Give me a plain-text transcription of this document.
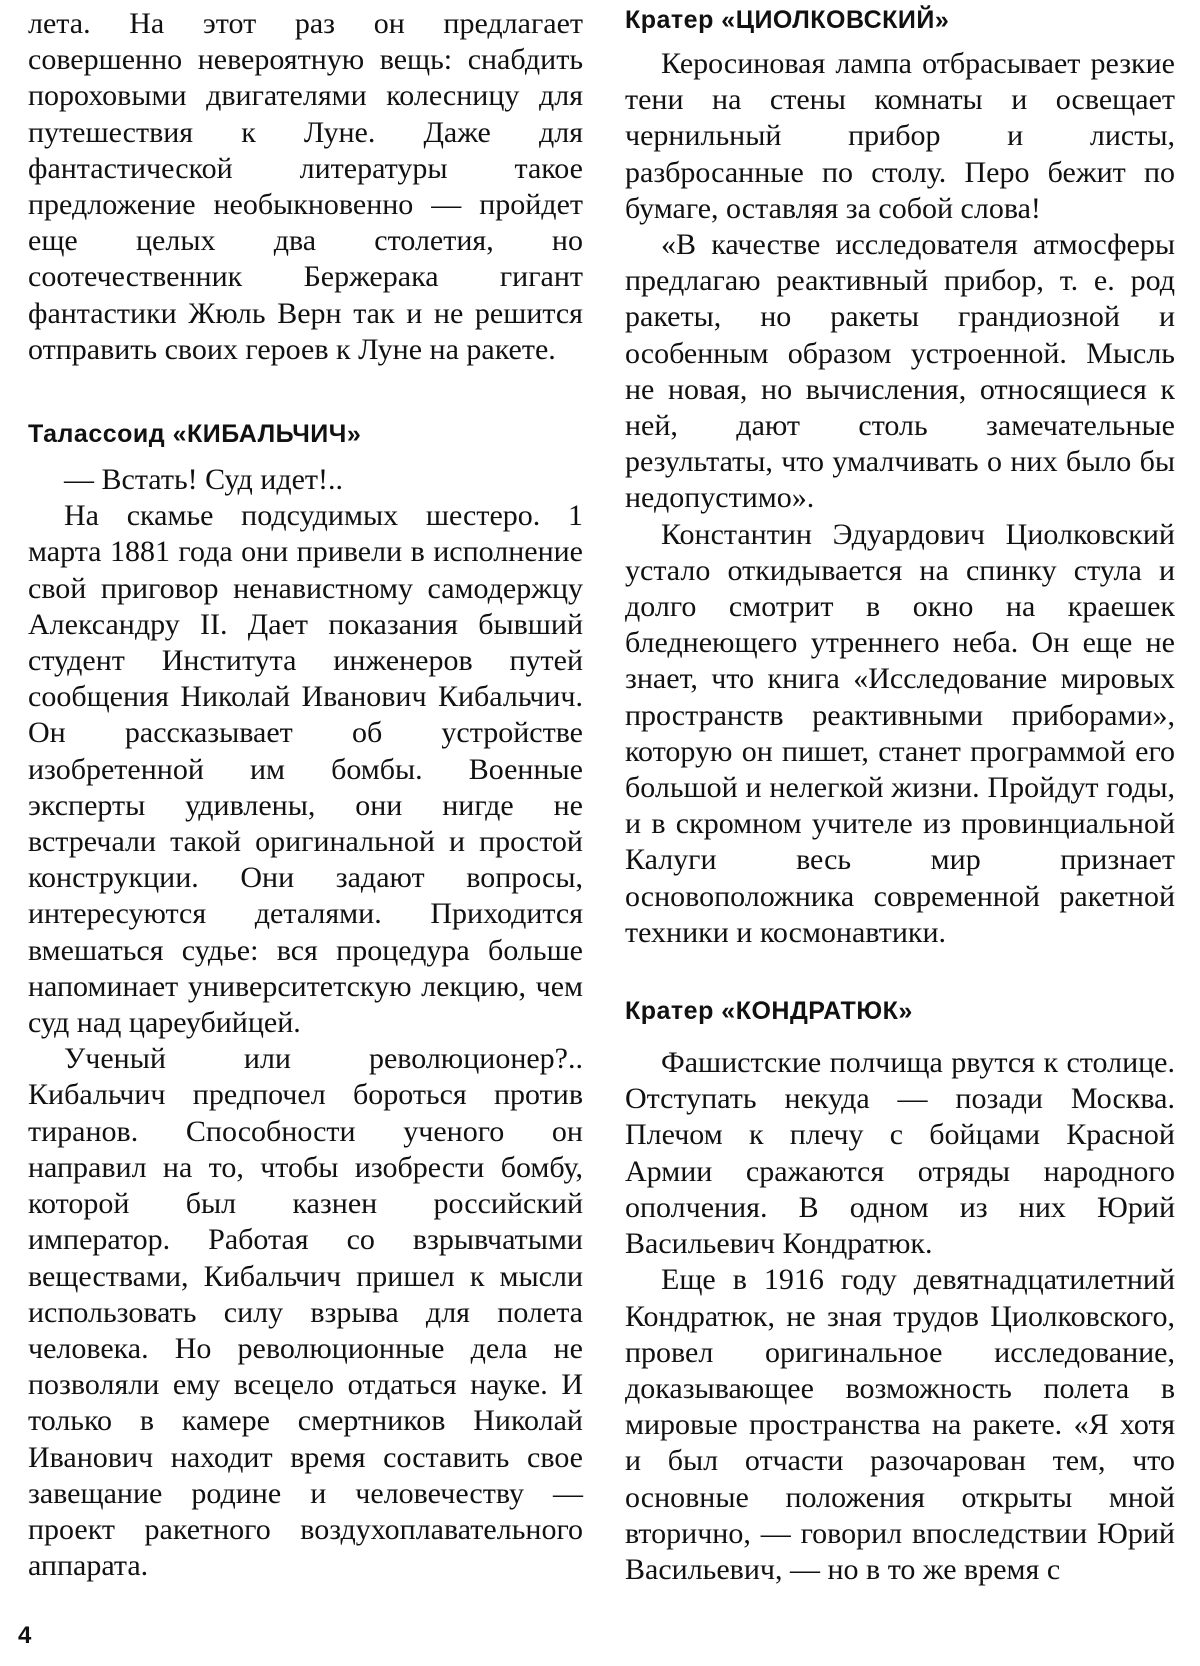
лета. На этот раз он предлагает совершенно невероятную вещь: снабдить пороховыми двигателями колесницу для путешествия к Луне. Даже для фантастической литературы такое предложение необыкновенно — пройдет еще целых два столетия, но соотечественник Бержерака гигант фантастики Жюль Верн так и не решится отправить своих героев к Луне на ракете.

Талассоид «КИБАЛЬЧИЧ»

— Встать! Суд идет!..

На скамье подсудимых шестеро. 1 марта 1881 года они привели в исполнение свой приговор ненавистному самодержцу Александру II. Дает показания бывший студент Института инженеров путей сообщения Николай Иванович Кибальчич. Он рассказывает об устройстве изобретенной им бомбы. Военные эксперты удивлены, они нигде не встречали такой оригинальной и простой конструкции. Они задают вопросы, интересуются деталями. Приходится вмешаться судье: вся процедура больше напоминает университетскую лекцию, чем суд над цареубийцей.

Ученый или революционер?.. Кибальчич предпочел бороться против тиранов. Способности ученого он направил на то, чтобы изобрести бомбу, которой был казнен российский император. Работая со взрывчатыми веществами, Кибальчич пришел к мысли использовать силу взрыва для полета человека. Но революционные дела не позволяли ему всецело отдаться науке. И только в камере смертников Николай Иванович находит время составить свое завещание родине и человечеству — проект ракетного воздухоплавательного аппарата.

Кратер «ЦИОЛКОВСКИЙ»

Керосиновая лампа отбрасывает резкие тени на стены комнаты и освещает чернильный прибор и листы, разбросанные по столу. Перо бежит по бумаге, оставляя за собой слова!

«В качестве исследователя атмосферы предлагаю реактивный прибор, т. е. род ракеты, но ракеты грандиозной и особенным образом устроенной. Мысль не новая, но вычисления, относящиеся к ней, дают столь замечательные результаты, что умалчивать о них было бы недопустимо».

Константин Эдуардович Циолковский устало откидывается на спинку стула и долго смотрит в окно на краешек бледнеющего утреннего неба. Он еще не знает, что книга «Исследование мировых пространств реактивными приборами», которую он пишет, станет программой его большой и нелегкой жизни. Пройдут годы, и в скромном учителе из провинциальной Калуги весь мир признает основоположника современной ракетной техники и космонавтики.

Кратер «КОНДРАТЮК»

Фашистские полчища рвутся к столице. Отступать некуда — позади Москва. Плечом к плечу с бойцами Красной Армии сражаются отряды народного ополчения. В одном из них Юрий Васильевич Кондратюк.

Еще в 1916 году девятнадцатилетний Кондратюк, не зная трудов Циолковского, провел оригинальное исследование, доказывающее возможность полета в мировые пространства на ракете. «Я хотя и был отчасти разочарован тем, что основные положения открыты мной вторично, — говорил впоследствии Юрий Васильевич, — но в то же время с

4
